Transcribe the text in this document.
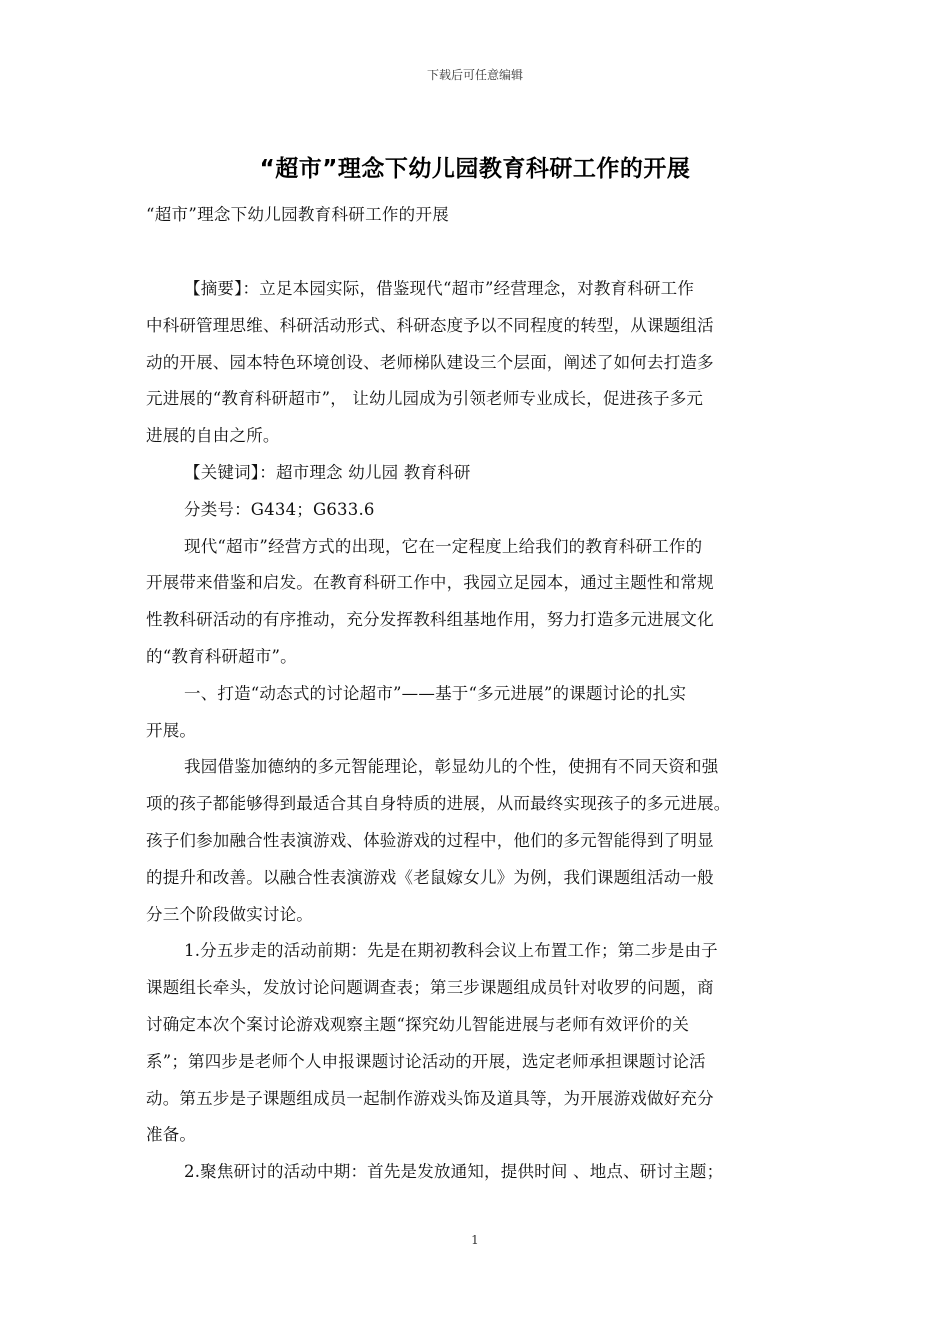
下载后可任意编辑
“超市”理念下幼儿园教育科研工作的开展
“超市”理念下幼儿园教育科研工作的开展
【摘要】：立足本园实际，借鉴现代“超市”经营理念，对教育科研工作
中科研管理思维、科研活动形式、科研态度予以不同程度的转型，从课题组活
动的开展、园本特色环境创设、老师梯队建设三个层面，阐述了如何去打造多
元进展的“教育科研超市”， 让幼儿园成为引领老师专业成长，促进孩子多元
进展的自由之所。
【关键词】：超市理念 幼儿园 教育科研
分类号：G434；G633.6
现代“超市”经营方式的出现，它在一定程度上给我们的教育科研工作的
开展带来借鉴和启发。在教育科研工作中，我园立足园本，通过主题性和常规
性教科研活动的有序推动，充分发挥教科组基地作用，努力打造多元进展文化
的“教育科研超市”。
一、打造“动态式的讨论超市”——基于“多元进展”的课题讨论的扎实
开展。
我园借鉴加德纳的多元智能理论，彰显幼儿的个性，使拥有不同天资和强
项的孩子都能够得到最适合其自身特质的进展，从而最终实现孩子的多元进展。
孩子们参加融合性表演游戏、体验游戏的过程中，他们的多元智能得到了明显
的提升和改善。以融合性表演游戏《老鼠嫁女儿》为例，我们课题组活动一般
分三个阶段做实讨论。
1.分五步走的活动前期：先是在期初教科会议上布置工作；第二步是由子
课题组长牵头，发放讨论问题调查表；第三步课题组成员针对收罗的问题，商
讨确定本次个案讨论游戏观察主题“探究幼儿智能进展与老师有效评价的关
系”；第四步是老师个人申报课题讨论活动的开展，选定老师承担课题讨论活
动。第五步是子课题组成员一起制作游戏头饰及道具等，为开展游戏做好充分
准备。
2.聚焦研讨的活动中期：首先是发放通知，提供时间 、地点、研讨主题；
1
